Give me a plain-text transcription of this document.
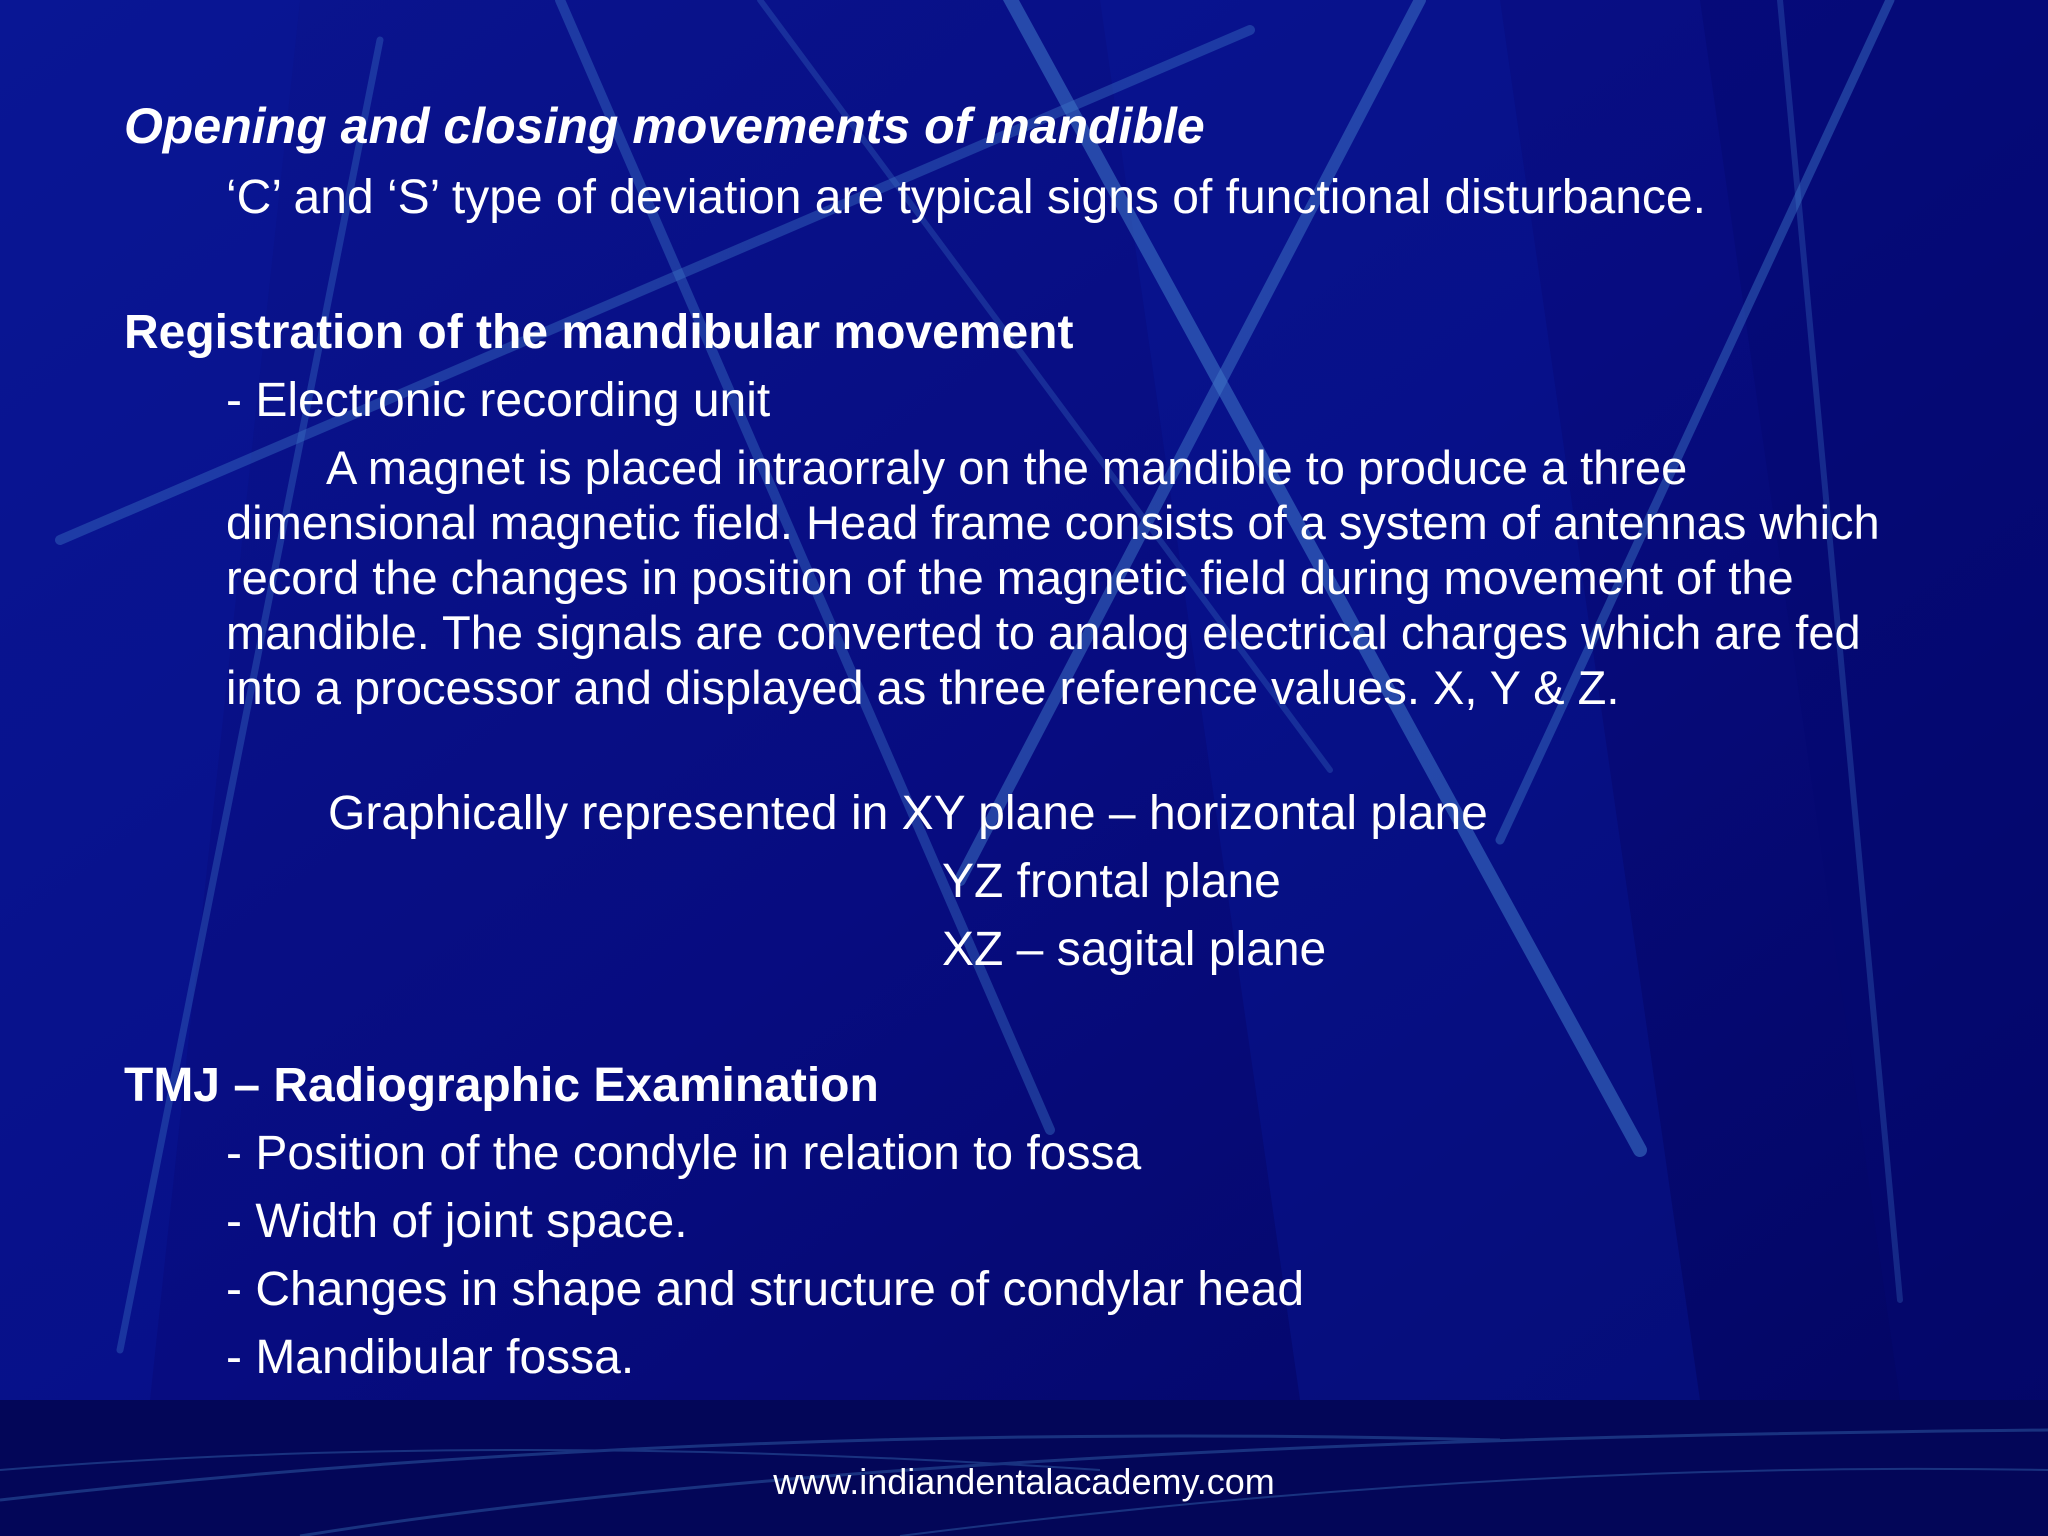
Opening and closing movements of mandible
‘C’ and ‘S’ type of deviation are typical signs of functional disturbance.
Registration of the mandibular movement
- Electronic recording unit
A magnet is placed intraorraly on the mandible to produce a three dimensional magnetic field. Head frame consists of a system of antennas which record the changes in position of the magnetic field during movement of the mandible. The signals are converted to analog electrical charges which are fed into a processor and displayed as three reference values. X, Y & Z.
Graphically represented in XY plane – horizontal plane
YZ frontal plane
XZ – sagital plane
TMJ – Radiographic Examination
- Position of the condyle in relation to fossa
- Width of joint space.
- Changes in shape and structure of condylar head
- Mandibular fossa.
www.indiandentalacademy.com
